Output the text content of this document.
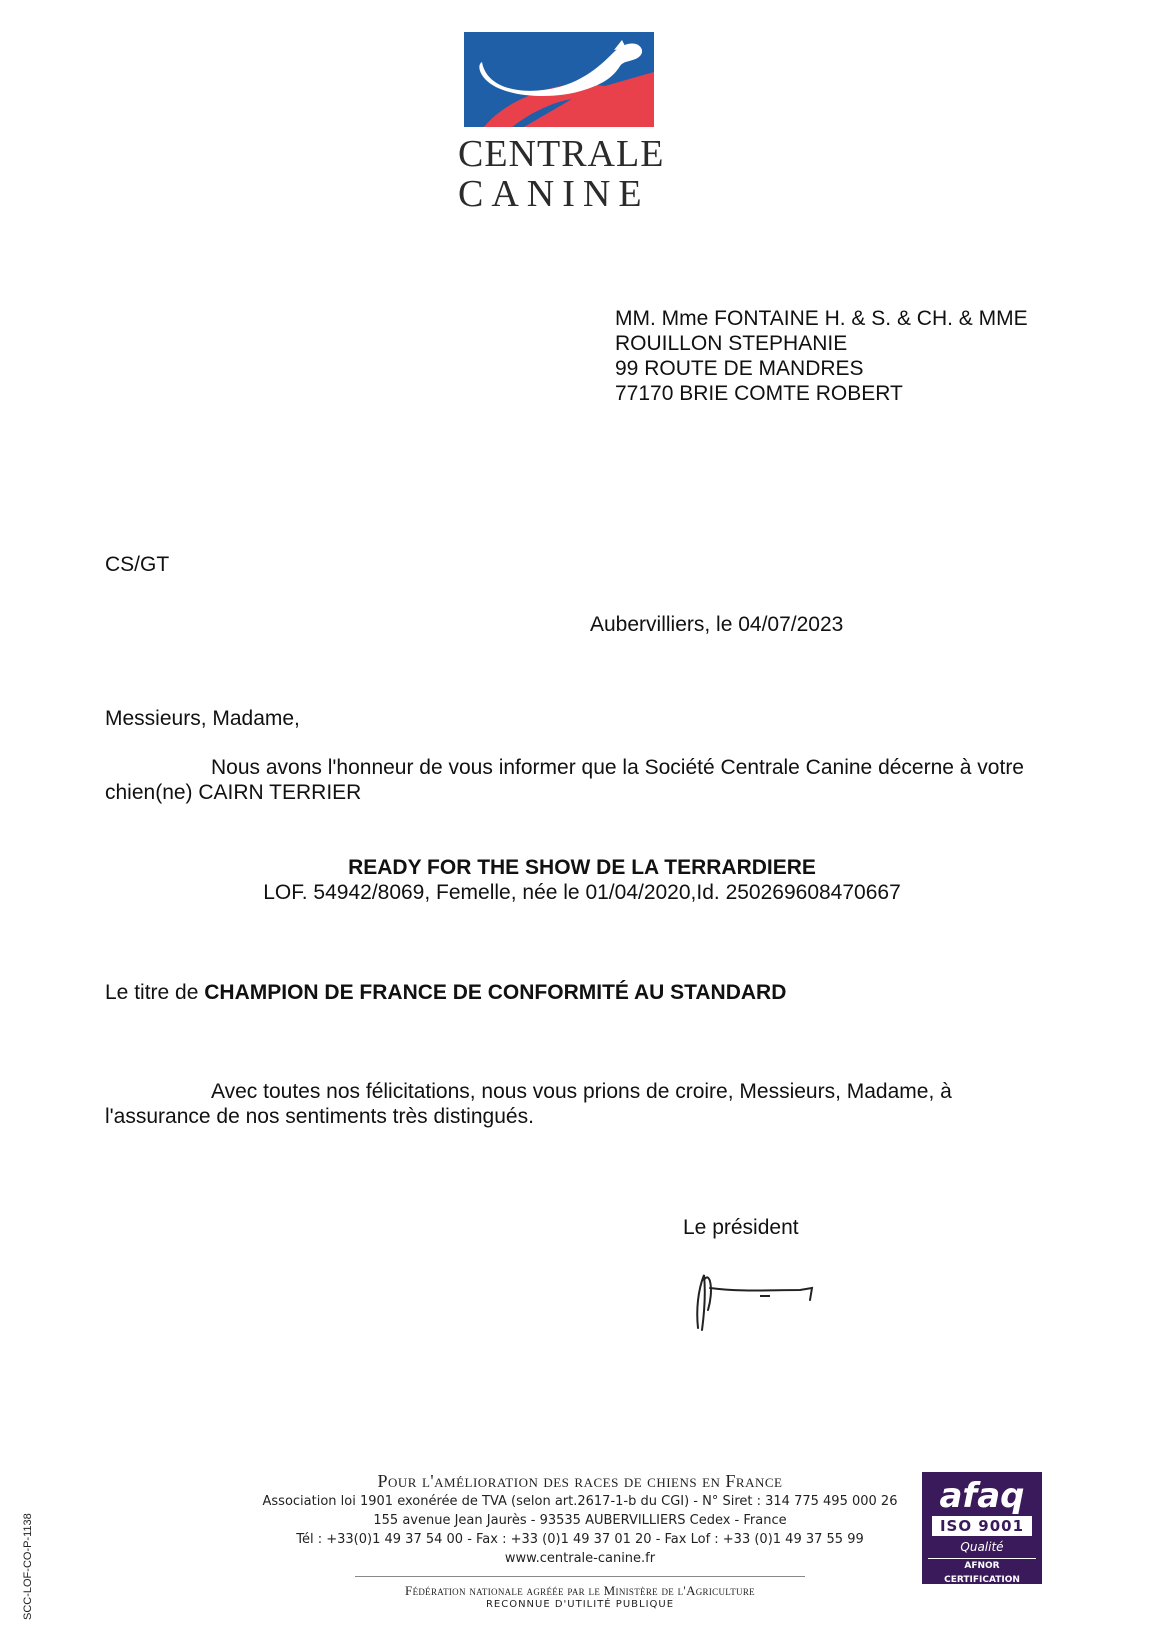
CENTRALE
CANINE
MM. Mme FONTAINE H. & S. & CH. & MME
ROUILLON STEPHANIE
99 ROUTE DE MANDRES
77170 BRIE COMTE ROBERT
CS/GT
Aubervilliers, le 04/07/2023
Messieurs, Madame,
Nous avons l'honneur de vous informer que la Société Centrale Canine décerne à votre
chien(ne) CAIRN TERRIER
READY FOR THE SHOW DE LA TERRARDIERE
LOF. 54942/8069, Femelle, née le 01/04/2020,Id. 250269608470667
Le titre de CHAMPION DE FRANCE DE CONFORMITÉ AU STANDARD
Avec toutes nos félicitations, nous vous prions de croire, Messieurs, Madame, à
l'assurance de nos sentiments très distingués.
Le président
SCC-LOF-CO-P-1138
Pour l'amélioration des races de chiens en France
Association loi 1901 exonérée de TVA (selon art.2617-1-b du CGI) - N° Siret : 314 775 495 000 26
155 avenue Jean Jaurès - 93535 AUBERVILLIERS Cedex - France
Tél : +33(0)1 49 37 54 00 - Fax : +33 (0)1 49 37 01 20 - Fax Lof : +33 (0)1 49 37 55 99
www.centrale-canine.fr
Fédération nationale agréée par le Ministère de l'Agriculture
RECONNUE D'UTILITÉ PUBLIQUE
afaq
ISO 9001
Qualité
AFNOR CERTIFICATION
